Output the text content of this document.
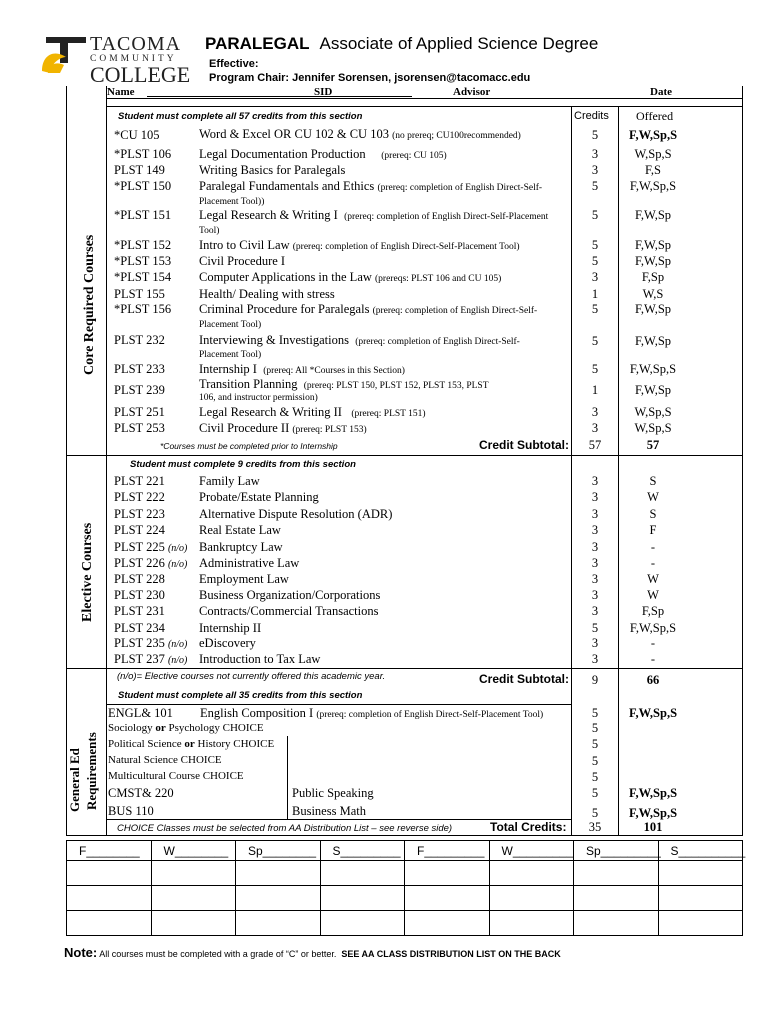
TACOMA
COMMUNITY
COLLEGE
PARALEGAL Associate of Applied Science Degree
Effective:
Program Chair: Jennifer Sorensen, jsorensen@tacomacc.edu
Name	SID	Advisor	Date
Core Required Courses
Elective Courses
General Ed Requirements
Student must complete all 57 credits from this section	Credits Offered
*CU 105	Word & Excel OR CU 102 & CU 103 (no prereq; CU100recommended)	5	F,W,Sp,S
*PLST 106 Legal Documentation Production (prereq: CU 105)	3	W,Sp,S
PLST 149	Writing Basics for Paralegals	3	F,S
*PLST 150 Paralegal Fundamentals and Ethics (prereq: completion of English Direct-Self-
Placement Tool))
5	F,W,Sp,S
*PLST 151 Legal Research & Writing I (prereq: completion of English Direct-Self-Placement
Tool)
5	F,W,Sp
*PLST 152 Intro to Civil Law (prereq: completion of English Direct-Self-Placement Tool)	5	F,W,Sp
*PLST 153 Civil Procedure I	5	F,W,Sp
*PLST 154 Computer Applications in the Law (prereqs: PLST 106 and CU 105)	3	F,Sp
PLST 155	Health/ Dealing with stress	1	W,S
*PLST 156 Criminal Procedure for Paralegals (prereq: completion of English Direct-Self-
Placement Tool)
5	F,W,Sp
PLST 232	Interviewing & Investigations (prereq: completion of English Direct-Self-
Placement Tool)
5	F,W,Sp
PLST 233	Internship I (prereq: All *Courses in this Section)	5	F,W,Sp,S
PLST 239	Transition Planning (prereq: PLST 150, PLST 152, PLST 153, PLST
106, and instructor permission)
1	F,W,Sp
PLST 251	Legal Research & Writing II (prereq: PLST 151)	3	W,Sp,S
PLST 253	Civil Procedure II (prereq: PLST 153)	3	W,Sp,S
*Courses must be completed prior to Internship	Credit Subtotal:	57	57
Student must complete 9 credits from this section
PLST 221	Family Law	3	S
PLST 222	Probate/Estate Planning	3	W
PLST 223	Alternative Dispute Resolution (ADR)	3	S
PLST 224	Real Estate Law	3	F
PLST 225 (n/o) Bankruptcy Law	3	-
PLST 226 (n/o) Administrative Law	3	-
PLST 228	Employment Law	3	W
PLST 230	Business Organization/Corporations	3	W
PLST 231	Contracts/Commercial Transactions	3	F,Sp
PLST 234	Internship II	5	F,W,Sp,S
PLST 235 (n/o) eDiscovery	3	-
PLST 237 (n/o) Introduction to Tax Law	3	-
(n/o)= Elective courses not currently offered this academic year.	Credit Subtotal:	9	66
Student must complete all 35 credits from this section
ENGL& 101 English Composition I (prereq: completion of English Direct-Self-Placement Tool)	5	F,W,Sp,S
Sociology or Psychology CHOICE	5
Political Science or History CHOICE	5
Natural Science CHOICE	5
Multicultural Course CHOICE	5
CMST& 220	Public Speaking	5	F,W,Sp,S
BUS 110	Business Math	5	F,W,Sp,S
CHOICE Classes must be selected from AA Distribution List – see reverse side)	Total Credits:	35	101
F________ W________ Sp________ S_________ F_________ W_________ Sp_________ S__________
Note: All courses must be completed with a grade of “C” or better. SEE AA CLASS DISTRIBUTION LIST ON THE BACK
